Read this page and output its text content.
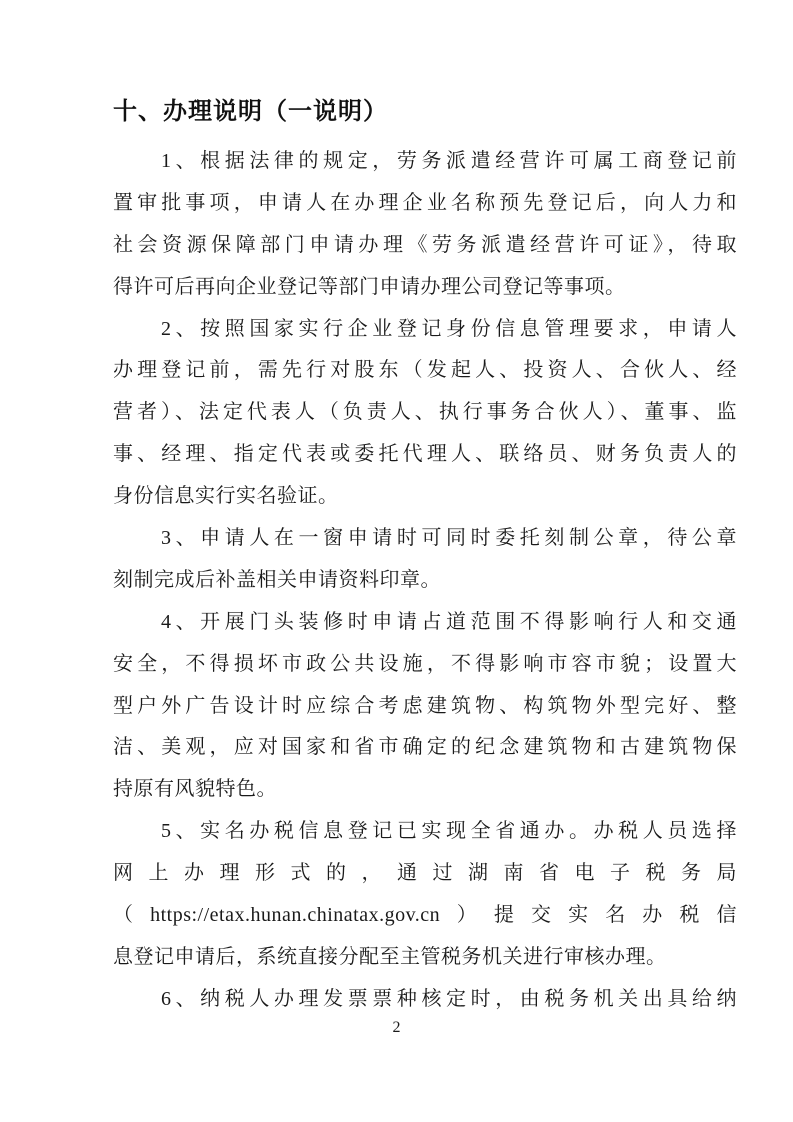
十、办理说明（一说明）
1、根据法律的规定，劳务派遣经营许可属工商登记前
置审批事项，申请人在办理企业名称预先登记后，向人力和
社会资源保障部门申请办理《劳务派遣经营许可证》，待取
得许可后再向企业登记等部门申请办理公司登记等事项。
2、按照国家实行企业登记身份信息管理要求，申请人
办理登记前，需先行对股东（发起人、投资人、合伙人、经
营者）、法定代表人（负责人、执行事务合伙人）、董事、监
事、经理、指定代表或委托代理人、联络员、财务负责人的
身份信息实行实名验证。
3、申请人在一窗申请时可同时委托刻制公章，待公章
刻制完成后补盖相关申请资料印章。
4、开展门头装修时申请占道范围不得影响行人和交通
安全，不得损坏市政公共设施，不得影响市容市貌；设置大
型户外广告设计时应综合考虑建筑物、构筑物外型完好、整
洁、美观，应对国家和省市确定的纪念建筑物和古建筑物保
持原有风貌特色。
5、实名办税信息登记已实现全省通办。办税人员选择
网上办理形式的，通过湖南省电子税务局
（https://etax.hunan.chinatax.gov.cn）提交实名办税信
息登记申请后，系统直接分配至主管税务机关进行审核办理。
6、纳税人办理发票票种核定时，由税务机关出具给纳
2
